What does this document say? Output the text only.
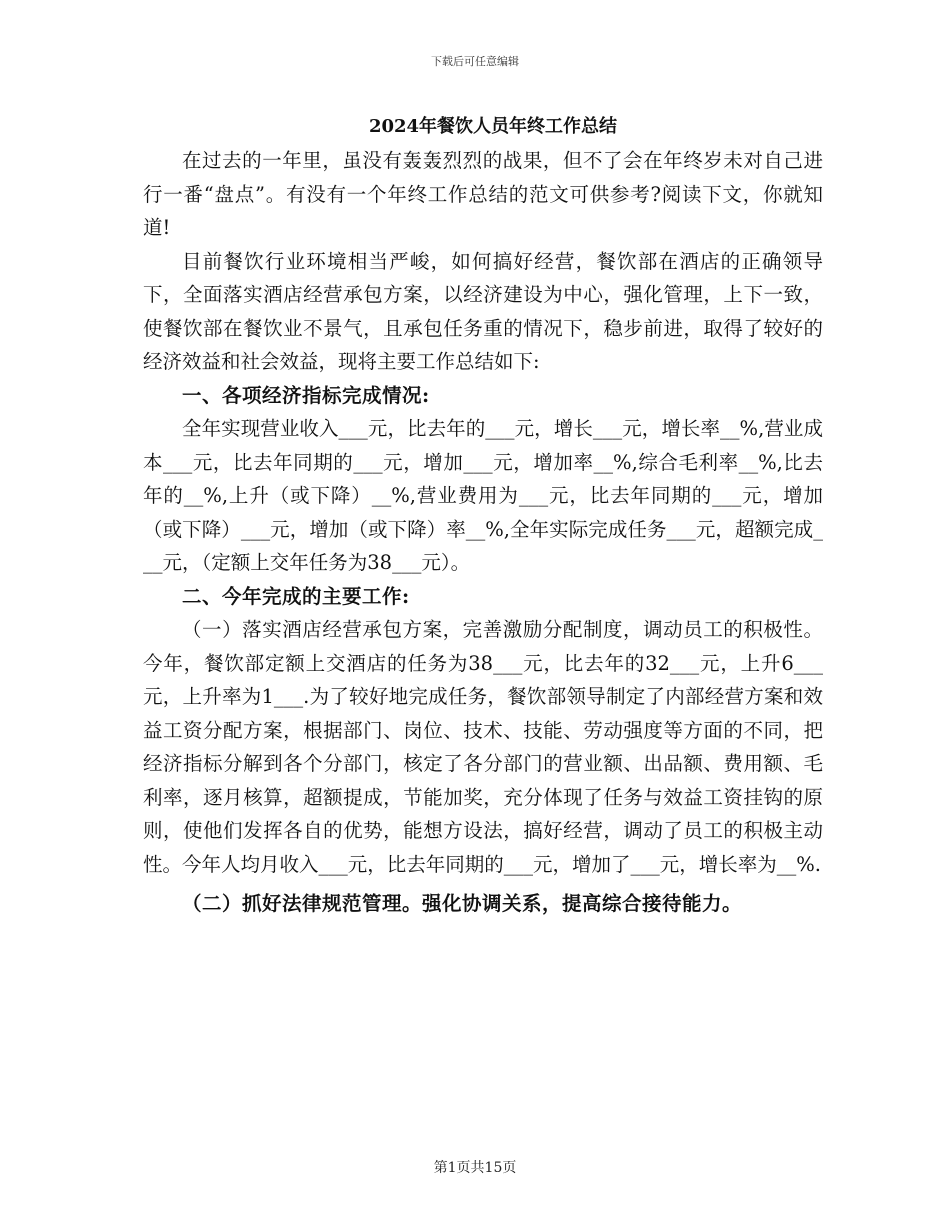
下载后可任意编辑
2024年餐饮人员年终工作总结

在过去的一年里，虽没有轰轰烈烈的战果，但不了会在年终岁未对自己进行一番“盘点”。有没有一个年终工作总结的范文可供参考?阅读下文，你就知道!

目前餐饮行业环境相当严峻，如何搞好经营，餐饮部在酒店的正确领导下，全面落实酒店经营承包方案，以经济建设为中心，强化管理，上下一致，使餐饮部在餐饮业不景气，且承包任务重的情况下，稳步前进，取得了较好的经济效益和社会效益，现将主要工作总结如下:

一、各项经济指标完成情况:

全年实现营业收入___元，比去年的___元，增长___元，增长率__%,营业成本___元，比去年同期的___元，增加___元，增加率__%,综合毛利率__%,比去年的__%,上升（或下降）__%,营业费用为___元，比去年同期的___元，增加（或下降）___元，增加（或下降）率__%,全年实际完成任务___元，超额完成___元，（定额上交年任务为38___元）。

二、今年完成的主要工作:

（一）落实酒店经营承包方案，完善激励分配制度，调动员工的积极性。今年，餐饮部定额上交酒店的任务为38___元，比去年的32___元，上升6___元，上升率为1___.为了较好地完成任务，餐饮部领导制定了内部经营方案和效益工资分配方案，根据部门、岗位、技术、技能、劳动强度等方面的不同，把经济指标分解到各个分部门，核定了各分部门的营业额、出品额、费用额、毛利率，逐月核算，超额提成，节能加奖，充分体现了任务与效益工资挂钩的原则，使他们发挥各自的优势，能想方设法，搞好经营，调动了员工的积极主动性。今年人均月收入___元，比去年同期的___元，增加了___元，增长率为__%.

（二）抓好法律规范管理。强化协调关系，提高综合接待能力。

第1页共15页
